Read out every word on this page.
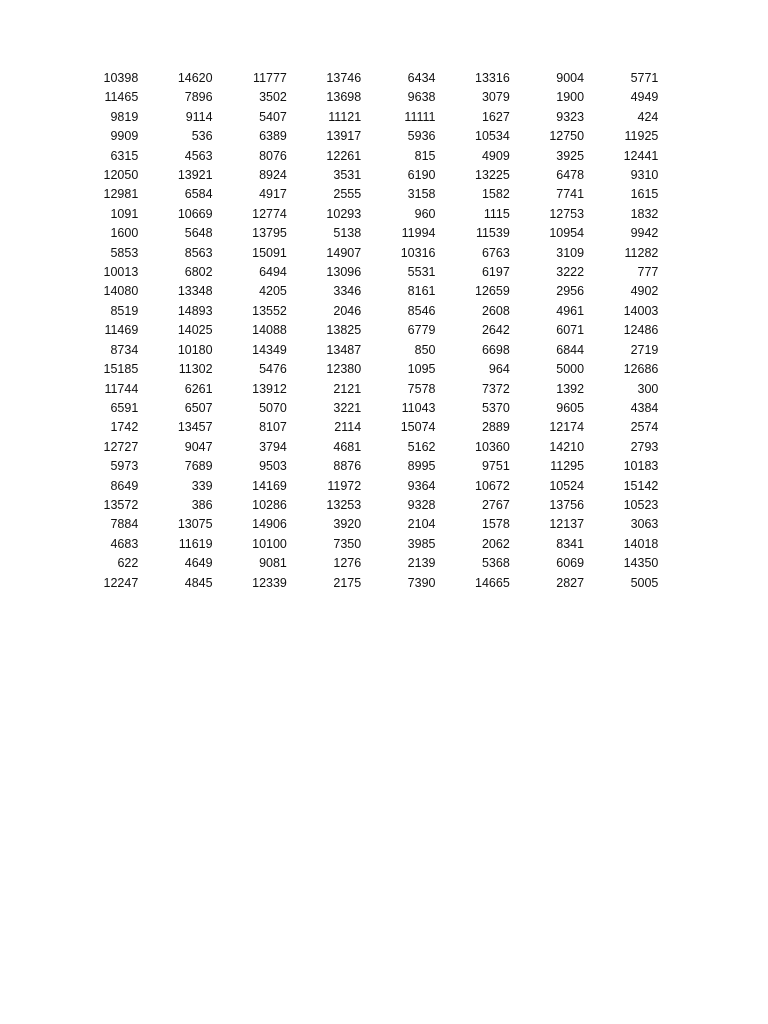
10398	14620	11777	13746	6434	13316	9004	5771
11465	7896	3502	13698	9638	3079	1900	4949
9819	9114	5407	11121	11111	1627	9323	424
9909	536	6389	13917	5936	10534	12750	11925
6315	4563	8076	12261	815	4909	3925	12441
12050	13921	8924	3531	6190	13225	6478	9310
12981	6584	4917	2555	3158	1582	7741	1615
1091	10669	12774	10293	960	1115	12753	1832
1600	5648	13795	5138	11994	11539	10954	9942
5853	8563	15091	14907	10316	6763	3109	11282
10013	6802	6494	13096	5531	6197	3222	777
14080	13348	4205	3346	8161	12659	2956	4902
8519	14893	13552	2046	8546	2608	4961	14003
11469	14025	14088	13825	6779	2642	6071	12486
8734	10180	14349	13487	850	6698	6844	2719
15185	11302	5476	12380	1095	964	5000	12686
11744	6261	13912	2121	7578	7372	1392	300
6591	6507	5070	3221	11043	5370	9605	4384
1742	13457	8107	2114	15074	2889	12174	2574
12727	9047	3794	4681	5162	10360	14210	2793
5973	7689	9503	8876	8995	9751	11295	10183
8649	339	14169	11972	9364	10672	10524	15142
13572	386	10286	13253	9328	2767	13756	10523
7884	13075	14906	3920	2104	1578	12137	3063
4683	11619	10100	7350	3985	2062	8341	14018
622	4649	9081	1276	2139	5368	6069	14350
12247	4845	12339	2175	7390	14665	2827	5005
